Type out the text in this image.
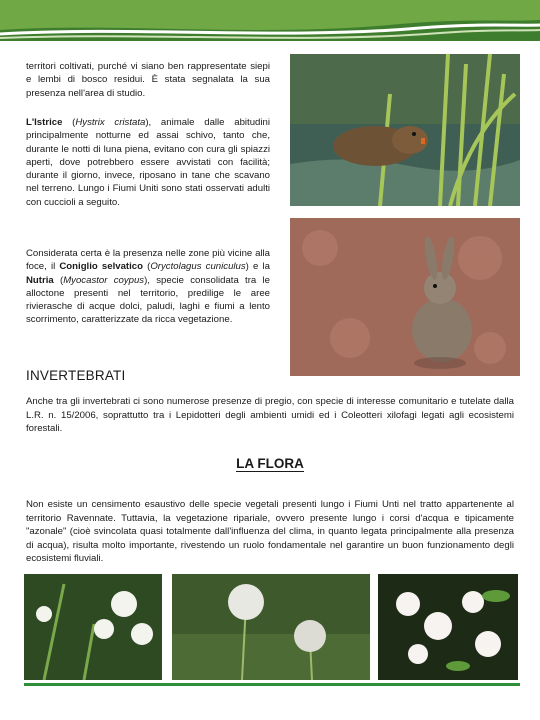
territori coltivati, purché vi siano ben rappresentate siepi e lembi di bosco residui. È stata segnalata la sua presenza nell'area di studio.

L'Istrice (Hystrix cristata), animale dalle abitudini principalmente notturne ed assai schivo, tanto che, durante le notti di luna piena, evitano con cura gli spiazzi aperti, dove potrebbero essere avvistati con facilità; durante il giorno, invece, riposano in tane che scavano nel terreno. Lungo i Fiumi Uniti sono stati osservati adulti con cuccioli a seguito.

Considerata certa è la presenza nelle zone più vicine alla foce, il Coniglio selvatico (Oryctolagus cuniculus) e la Nutria (Myocastor coypus), specie consolidata tra le alloctone presenti nel territorio, predilige le aree rivierasche di acque dolci, paludi, laghi e fiumi a lento scorrimento, caratterizzate da ricca vegetazione.

INVERTEBRATI

Anche tra gli invertebrati ci sono numerose presenze di pregio, con specie di interesse comunitario e tutelate dalla L.R. n. 15/2006, soprattutto tra i Lepidotteri degli ambienti umidi ed i Coleotteri xilofagi legati agli ecosistemi forestali.

LA FLORA

Non esiste un censimento esaustivo delle specie vegetali presenti lungo i Fiumi Unti nel tratto appartenente al territorio Ravennate. Tuttavia, la vegetazione ripariale, ovvero presente lungo i corsi d'acqua e tipicamente "azonale" (cioè svincolata quasi totalmente dall'influenza del clima, in quanto legata principalmente alla presenza di acqua), risulta molto importante, rivestendo un ruolo fondamentale nel garantire un buon funzionamento degli ecosistemi fluviali.
